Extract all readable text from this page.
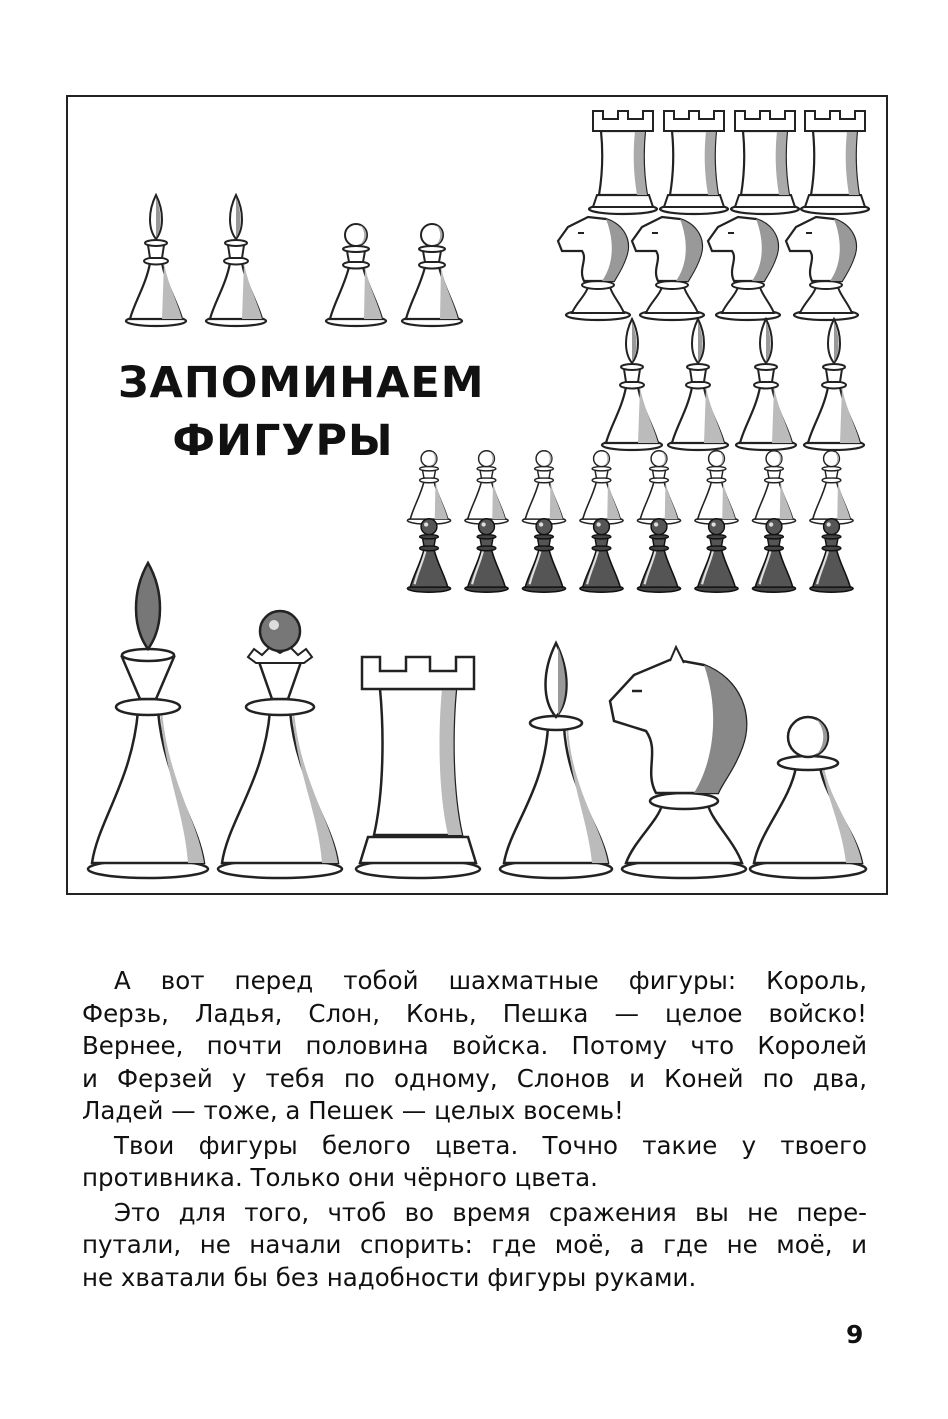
ЗАПОМИНАЕМ
ФИГУРЫ

А вот перед тобой шахматные фигуры: Король,
Ферзь, Ладья, Слон, Конь, Пешка — целое войско!
Вернее, почти половина войска. Потому что Королей
и Ферзей у тебя по одному, Слонов и Коней по два,
Ладей — тоже, а Пешек — целых восемь!

Твои фигуры белого цвета. Точно такие у твоего
противника. Только они чёрного цвета.

Это для того, чтоб во время сражения вы не пере-
путали, не начали спорить: где моё, а где не моё, и
не хватали бы без надобности фигуры руками.

9
